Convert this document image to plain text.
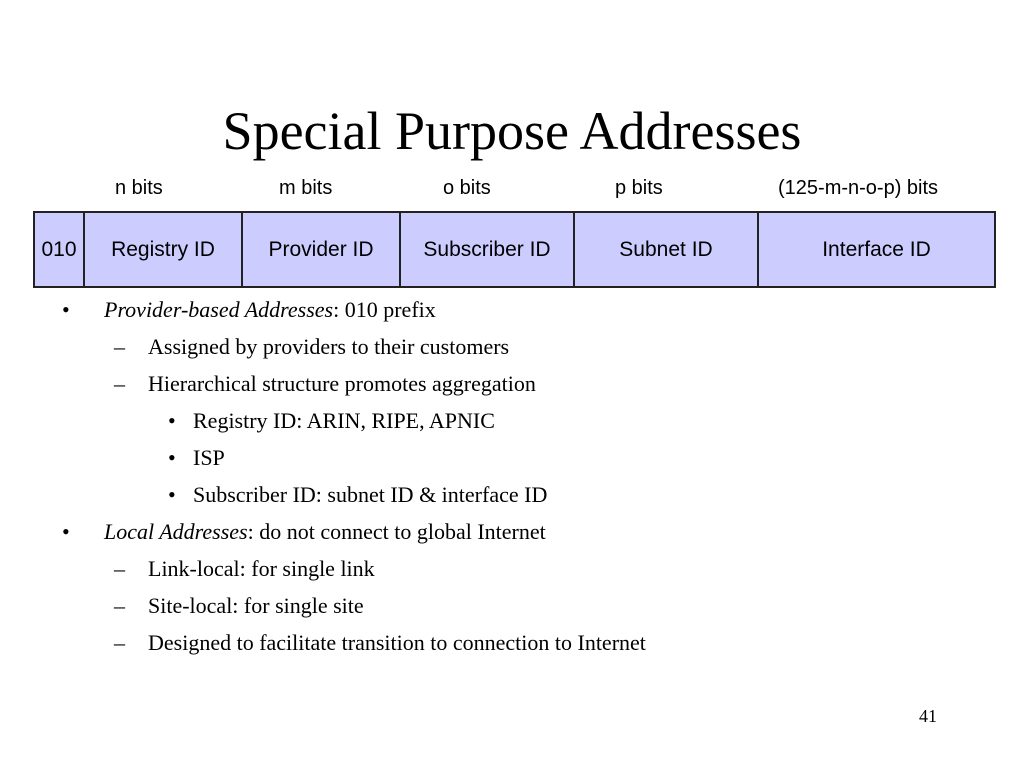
Special Purpose Addresses
n bits	m bits	o bits	p bits	(125-m-n-o-p) bits
010	Registry ID	Provider ID	Subscriber ID	Subnet ID	Interface ID
• Provider-based Addresses: 010 prefix
– Assigned by providers to their customers
– Hierarchical structure promotes aggregation
• Registry ID: ARIN, RIPE, APNIC
• ISP
• Subscriber ID: subnet ID & interface ID
• Local Addresses: do not connect to global Internet
– Link-local: for single link
– Site-local: for single site
– Designed to facilitate transition to connection to Internet
41
